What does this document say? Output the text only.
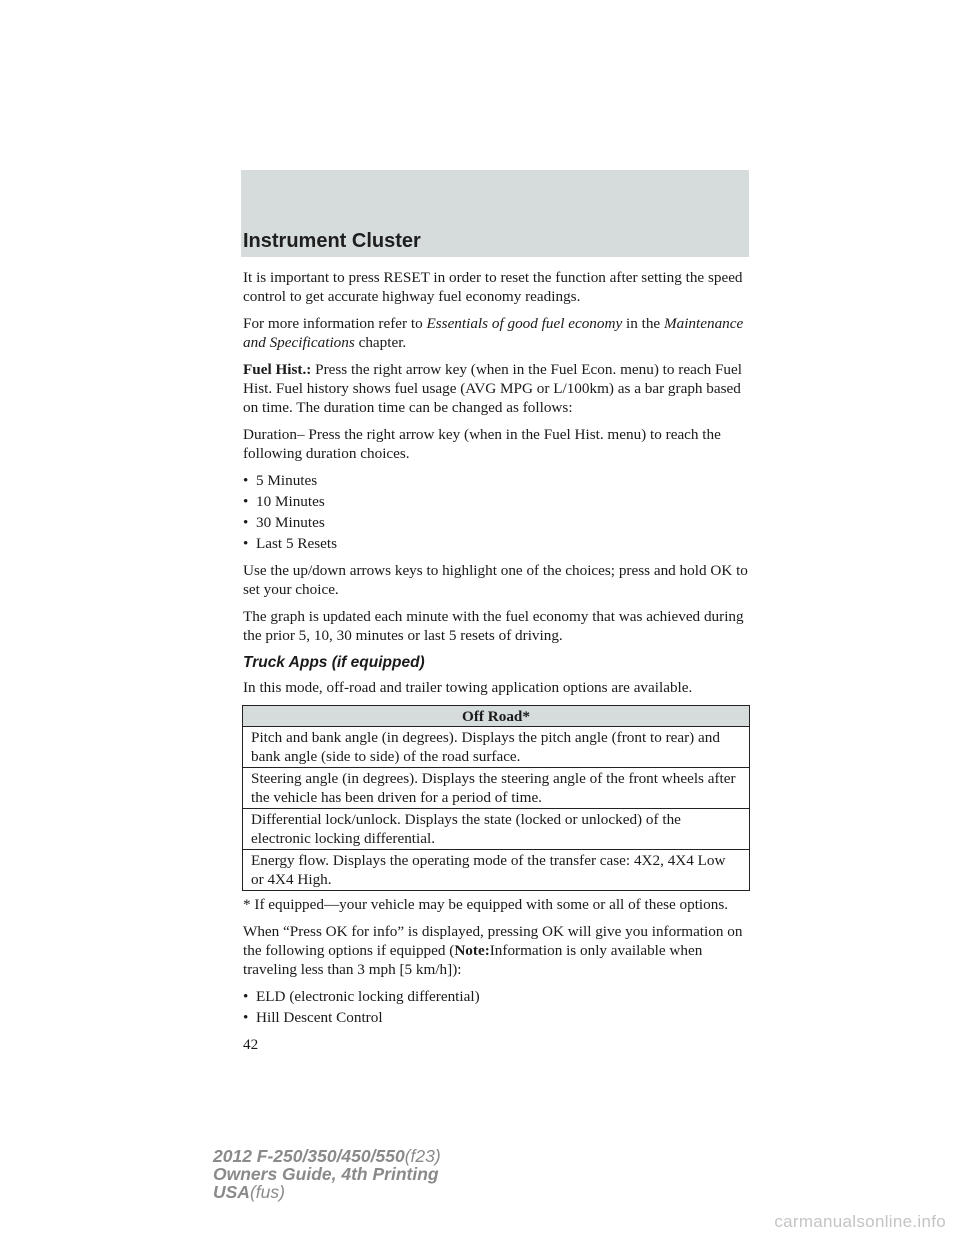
Instrument Cluster

It is important to press RESET in order to reset the function after setting the speed control to get accurate highway fuel economy readings.

For more information refer to Essentials of good fuel economy in the Maintenance and Specifications chapter.

Fuel Hist.: Press the right arrow key (when in the Fuel Econ. menu) to reach Fuel Hist. Fuel history shows fuel usage (AVG MPG or L/100km) as a bar graph based on time. The duration time can be changed as follows:

Duration– Press the right arrow key (when in the Fuel Hist. menu) to reach the following duration choices.

• 5 Minutes
• 10 Minutes
• 30 Minutes
• Last 5 Resets

Use the up/down arrows keys to highlight one of the choices; press and hold OK to set your choice.

The graph is updated each minute with the fuel economy that was achieved during the prior 5, 10, 30 minutes or last 5 resets of driving.

Truck Apps (if equipped)

In this mode, off-road and trailer towing application options are available.

Off Road*
Pitch and bank angle (in degrees). Displays the pitch angle (front to rear) and bank angle (side to side) of the road surface.
Steering angle (in degrees). Displays the steering angle of the front wheels after the vehicle has been driven for a period of time.
Differential lock/unlock. Displays the state (locked or unlocked) of the electronic locking differential.
Energy flow. Displays the operating mode of the transfer case: 4X2, 4X4 Low or 4X4 High.

* If equipped—your vehicle may be equipped with some or all of these options.

When “Press OK for info” is displayed, pressing OK will give you information on the following options if equipped (Note:Information is only available when traveling less than 3 mph [5 km/h]):

• ELD (electronic locking differential)
• Hill Descent Control
42
2012 F-250/350/450/550(f23)
Owners Guide, 4th Printing
USA(fus)
carmanualsonline.info
